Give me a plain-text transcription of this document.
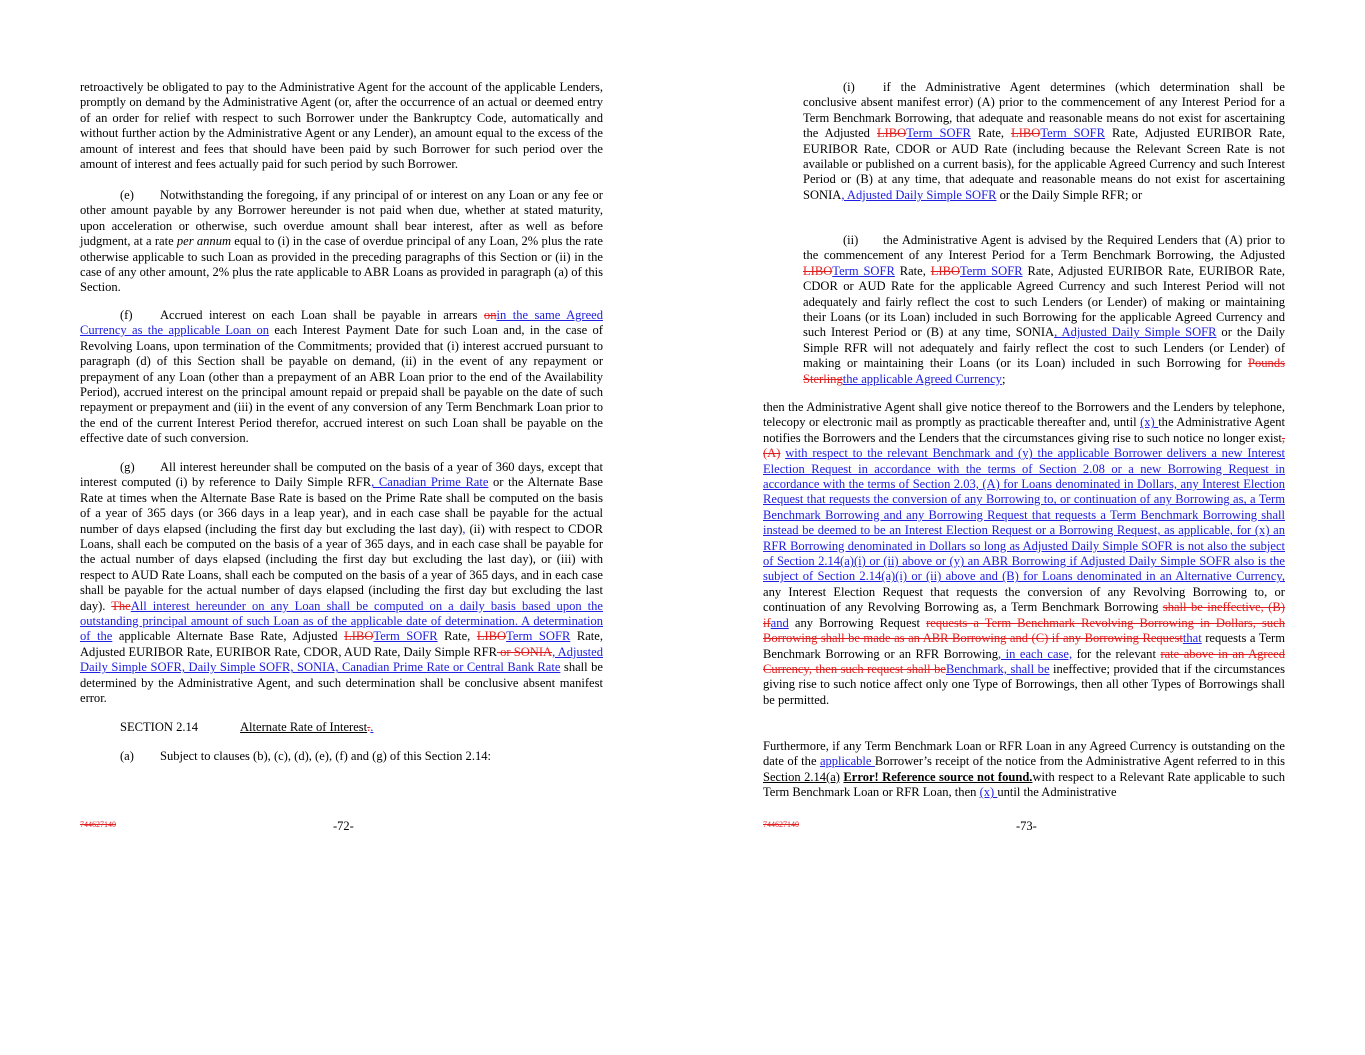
retroactively be obligated to pay to the Administrative Agent for the account of the applicable Lenders, promptly on demand by the Administrative Agent (or, after the occurrence of an actual or deemed entry of an order for relief with respect to such Borrower under the Bankruptcy Code, automatically and without further action by the Administrative Agent or any Lender), an amount equal to the excess of the amount of interest and fees that should have been paid by such Borrower for such period over the amount of interest and fees actually paid for such period by such Borrower.

(e) Notwithstanding the foregoing, if any principal of or interest on any Loan or any fee or other amount payable by any Borrower hereunder is not paid when due, whether at stated maturity, upon acceleration or otherwise, such overdue amount shall bear interest, after as well as before judgment, at a rate per annum equal to (i) in the case of overdue principal of any Loan, 2% plus the rate otherwise applicable to such Loan as provided in the preceding paragraphs of this Section or (ii) in the case of any other amount, 2% plus the rate applicable to ABR Loans as provided in paragraph (a) of this Section.

(f) Accrued interest on each Loan shall be payable in arrears onin the same Agreed Currency as the applicable Loan on each Interest Payment Date for such Loan and, in the case of Revolving Loans, upon termination of the Commitments; provided that (i) interest accrued pursuant to paragraph (d) of this Section shall be payable on demand, (ii) in the event of any repayment or prepayment of any Loan (other than a prepayment of an ABR Loan prior to the end of the Availability Period), accrued interest on the principal amount repaid or prepaid shall be payable on the date of such repayment or prepayment and (iii) in the event of any conversion of any Term Benchmark Loan prior to the end of the current Interest Period therefor, accrued interest on such Loan shall be payable on the effective date of such conversion.

(g) All interest hereunder shall be computed on the basis of a year of 360 days, except that interest computed (i) by reference to Daily Simple RFR, Canadian Prime Rate or the Alternate Base Rate at times when the Alternate Base Rate is based on the Prime Rate shall be computed on the basis of a year of 365 days (or 366 days in a leap year), and in each case shall be payable for the actual number of days elapsed (including the first day but excluding the last day), (ii) with respect to CDOR Loans, shall each be computed on the basis of a year of 365 days, and in each case shall be payable for the actual number of days elapsed (including the first day but excluding the last day), or (iii) with respect to AUD Rate Loans, shall each be computed on the basis of a year of 365 days, and in each case shall be payable for the actual number of days elapsed (including the first day but excluding the last day). TheAll interest hereunder on any Loan shall be computed on a daily basis based upon the outstanding principal amount of such Loan as of the applicable date of determination. A determination of the applicable Alternate Base Rate, Adjusted LIBOTerm SOFR Rate, LIBOTerm SOFR Rate, Adjusted EURIBOR Rate, EURIBOR Rate, CDOR, AUD Rate, Daily Simple RFR or SONIA, Adjusted Daily Simple SOFR, Daily Simple SOFR, SONIA, Canadian Prime Rate or Central Bank Rate shall be determined by the Administrative Agent, and such determination shall be conclusive absent manifest error.

SECTION 2.14	Alternate Rate of Interest..
(a) Subject to clauses (b), (c), (d), (e), (f) and (g) of this Section 2.14:
744627140	-72-

(i) if the Administrative Agent determines (which determination shall be conclusive absent manifest error) (A) prior to the commencement of any Interest Period for a Term Benchmark Borrowing, that adequate and reasonable means do not exist for ascertaining the Adjusted LIBOTerm SOFR Rate, LIBOTerm SOFR Rate, Adjusted EURIBOR Rate, EURIBOR Rate, CDOR or AUD Rate (including because the Relevant Screen Rate is not available or published on a current basis), for the applicable Agreed Currency and such Interest Period or (B) at any time, that adequate and reasonable means do not exist for ascertaining SONIA, Adjusted Daily Simple SOFR or the Daily Simple RFR; or

(ii) the Administrative Agent is advised by the Required Lenders that (A) prior to the commencement of any Interest Period for a Term Benchmark Borrowing, the Adjusted LIBOTerm SOFR Rate, LIBOTerm SOFR Rate, Adjusted EURIBOR Rate, EURIBOR Rate, CDOR or AUD Rate for the applicable Agreed Currency and such Interest Period will not adequately and fairly reflect the cost to such Lenders (or Lender) of making or maintaining their Loans (or its Loan) included in such Borrowing for the applicable Agreed Currency and such Interest Period or (B) at any time, SONIA, Adjusted Daily Simple SOFR or the Daily Simple RFR will not adequately and fairly reflect the cost to such Lenders (or Lender) of making or maintaining their Loans (or its Loan) included in such Borrowing for Pounds Sterlingthe applicable Agreed Currency;

then the Administrative Agent shall give notice thereof to the Borrowers and the Lenders by telephone, telecopy or electronic mail as promptly as practicable thereafter and, until (x) the Administrative Agent notifies the Borrowers and the Lenders that the circumstances giving rise to such notice no longer exist, (A) with respect to the relevant Benchmark and (y) the applicable Borrower delivers a new Interest Election Request in accordance with the terms of Section 2.08 or a new Borrowing Request in accordance with the terms of Section 2.03, (A) for Loans denominated in Dollars, any Interest Election Request that requests the conversion of any Borrowing to, or continuation of any Borrowing as, a Term Benchmark Borrowing and any Borrowing Request that requests a Term Benchmark Borrowing shall instead be deemed to be an Interest Election Request or a Borrowing Request, as applicable, for (x) an RFR Borrowing denominated in Dollars so long as Adjusted Daily Simple SOFR is not also the subject of Section 2.14(a)(i) or (ii) above or (y) an ABR Borrowing if Adjusted Daily Simple SOFR also is the subject of Section 2.14(a)(i) or (ii) above and (B) for Loans denominated in an Alternative Currency, any Interest Election Request that requests the conversion of any Revolving Borrowing to, or continuation of any Revolving Borrowing as, a Term Benchmark Borrowing shall be ineffective, (B) ifand any Borrowing Request requests a Term Benchmark Revolving Borrowing in Dollars, such Borrowing shall be made as an ABR Borrowing and (C) if any Borrowing Requestthat requests a Term Benchmark Borrowing or an RFR Borrowing, in each case, for the relevant rate above in an Agreed Currency, then such request shall beBenchmark, shall be ineffective; provided that if the circumstances giving rise to such notice affect only one Type of Borrowings, then all other Types of Borrowings shall be permitted.

Furthermore, if any Term Benchmark Loan or RFR Loan in any Agreed Currency is outstanding on the date of the applicable Borrower’s receipt of the notice from the Administrative Agent referred to in this Section 2.14(a) Error! Reference source not found.with respect to a Relevant Rate applicable to such Term Benchmark Loan or RFR Loan, then (x) until the Administrative

744627140	-73-
